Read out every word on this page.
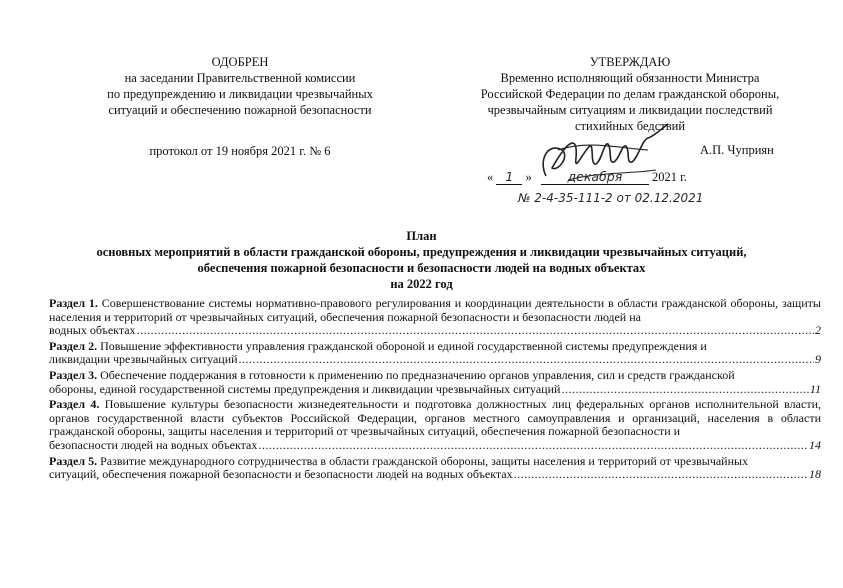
ОДОБРЕН
на заседании Правительственной комиссии
по предупреждению и ликвидации чрезвычайных
ситуаций и обеспечению пожарной безопасности
протокол от 19 ноября 2021 г. № 6
УТВЕРЖДАЮ
Временно исполняющий обязанности Министра
Российской Федерации по делам гражданской обороны,
чрезвычайным ситуациям и ликвидации последствий
стихийных бедствий
А.П. Чуприян
« 1 »	декабря 2021 г.
№ 2-4-35-111-2 от 02.12.2021
План
основных мероприятий в области гражданской обороны, предупреждения и ликвидации чрезвычайных ситуаций,
обеспечения пожарной безопасности и безопасности людей на водных объектах
на 2022 год
Раздел 1. Совершенствование системы нормативно-правового регулирования и координации деятельности в области гражданской обороны, защиты населения и территорий от чрезвычайных ситуаций, обеспечения пожарной безопасности и безопасности людей на
водных объектах .....	2
Раздел 2. Повышение эффективности управления гражданской обороной и единой государственной системы предупреждения и
ликвидации чрезвычайных ситуаций .....	9
Раздел 3. Обеспечение поддержания в готовности к применению по предназначению органов управления, сил и средств гражданской
обороны, единой государственной системы предупреждения и ликвидации чрезвычайных ситуаций .....	11
Раздел 4. Повышение культуры безопасности жизнедеятельности и подготовка должностных лиц федеральных органов исполнительной власти, органов государственной власти субъектов Российской Федерации, органов местного самоуправления и организаций, населения в области гражданской обороны, защиты населения и территорий от чрезвычайных ситуаций, обеспечения пожарной безопасности и
безопасности людей на водных объектах .....	14
Раздел 5. Развитие международного сотрудничества в области гражданской обороны, защиты населения и территорий от чрезвычайных
ситуаций, обеспечения пожарной безопасности и безопасности людей на водных объектах .....	18
